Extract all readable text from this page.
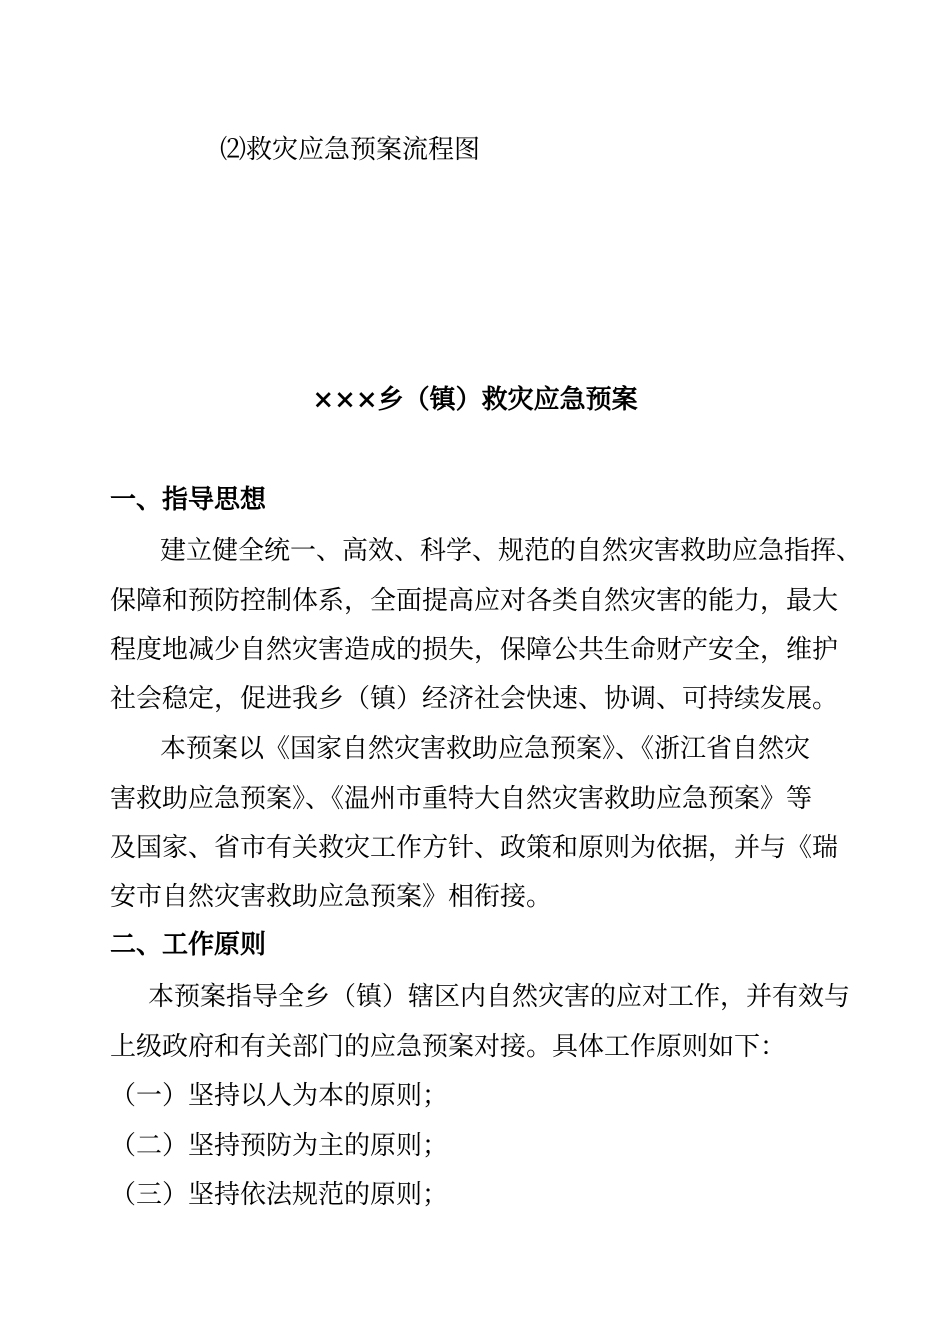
⑵救灾应急预案流程图
×××乡（镇）救灾应急预案
一、指导思想
建立健全统一、高效、科学、规范的自然灾害救助应急指挥、
保障和预防控制体系，全面提高应对各类自然灾害的能力，最大
程度地减少自然灾害造成的损失，保障公共生命财产安全，维护
社会稳定，促进我乡（镇）经济社会快速、协调、可持续发展。
本预案以《国家自然灾害救助应急预案》、《浙江省自然灾
害救助应急预案》、《温州市重特大自然灾害救助应急预案》等
及国家、省市有关救灾工作方针、政策和原则为依据，并与《瑞
安市自然灾害救助应急预案》相衔接。
二、工作原则
本预案指导全乡（镇）辖区内自然灾害的应对工作，并有效与
上级政府和有关部门的应急预案对接。具体工作原则如下：
（一）坚持以人为本的原则；
（二）坚持预防为主的原则；
（三）坚持依法规范的原则；
